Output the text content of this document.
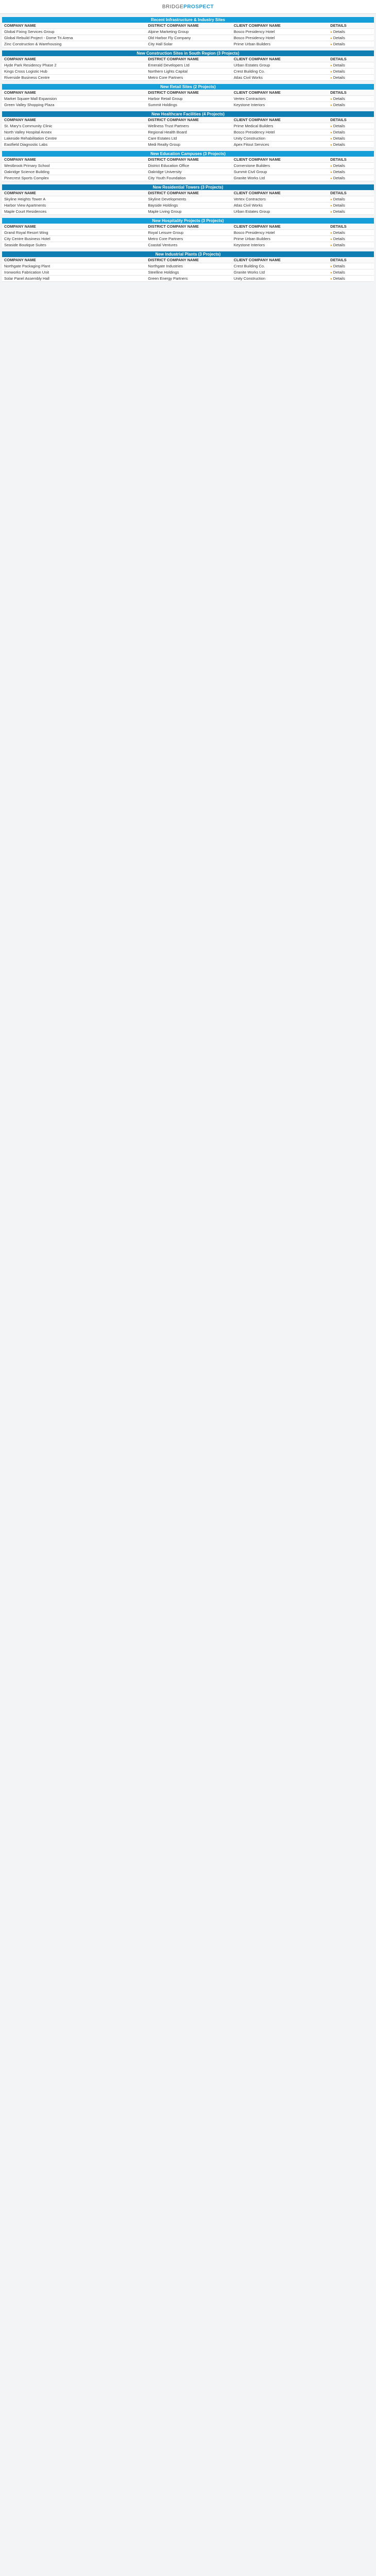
BRIDGEPROSPECT
Recent Infrastructure & Industry Sites
COMPANY NAME	DISTRICT COMPANY NAME	CLIENT COMPANY NAME	DETAILS
Global Fixing Services Group	Alpine Marketing Group	Bosco Presidency Hotel	● Details
Global Rebuild Project - Dome Tri Arena	Old Harbor Fly Company	Bosco Presidency Hotel	● Details
Zinc Construction & Warehousing	City Hall Solar	Prime Urban Builders	● Details
New Construction Sites in South Region (3 Projects)
COMPANY NAME	DISTRICT COMPANY NAME	CLIENT COMPANY NAME	DETAILS
Hyde Park Residency Phase 2	Emerald Developers Ltd	Urban Estates Group	● Details
Kings Cross Logistic Hub	Northern Lights Capital	Crest Building Co.	● Details
Riverside Business Centre	Metro Core Partners	Atlas Civil Works	● Details
New Retail Sites (2 Projects)
COMPANY NAME	DISTRICT COMPANY NAME	CLIENT COMPANY NAME	DETAILS
Market Square Mall Expansion	Harbor Retail Group	Vertex Contractors	● Details
Green Valley Shopping Plaza	Summit Holdings	Keystone Interiors	● Details
New Healthcare Facilities (4 Projects)
COMPANY NAME	DISTRICT COMPANY NAME	CLIENT COMPANY NAME	DETAILS
St. Mary's Community Clinic	Wellness Trust Partners	Prime Medical Builders	● Details
North Valley Hospital Annex	Regional Health Board	Bosco Presidency Hotel	● Details
Lakeside Rehabilitation Centre	Care Estates Ltd	Unity Construction	● Details
Eastfield Diagnostic Labs	Medi Realty Group	Apex Fitout Services	● Details
New Education Campuses (3 Projects)
COMPANY NAME	DISTRICT COMPANY NAME	CLIENT COMPANY NAME	DETAILS
Westbrook Primary School	District Education Office	Cornerstone Builders	● Details
Oakridge Science Building	Oakridge University	Summit Civil Group	● Details
Pinecrest Sports Complex	City Youth Foundation	Granite Works Ltd	● Details
New Residential Towers (3 Projects)
COMPANY NAME	DISTRICT COMPANY NAME	CLIENT COMPANY NAME	DETAILS
Skyline Heights Tower A	Skyline Developments	Vertex Contractors	● Details
Harbor View Apartments	Bayside Holdings	Atlas Civil Works	● Details
Maple Court Residences	Maple Living Group	Urban Estates Group	● Details
New Hospitality Projects (3 Projects)
COMPANY NAME	DISTRICT COMPANY NAME	CLIENT COMPANY NAME	DETAILS
Grand Royal Resort Wing	Royal Leisure Group	Bosco Presidency Hotel	● Details
City Centre Business Hotel	Metro Core Partners	Prime Urban Builders	● Details
Seaside Boutique Suites	Coastal Ventures	Keystone Interiors	● Details
New Industrial Plants (3 Projects)
COMPANY NAME	DISTRICT COMPANY NAME	CLIENT COMPANY NAME	DETAILS
Northgate Packaging Plant	Northgate Industries	Crest Building Co.	● Details
Ironworks Fabrication Unit	Steelline Holdings	Granite Works Ltd	● Details
Solar Panel Assembly Hall	Green Energy Partners	Unity Construction	● Details
